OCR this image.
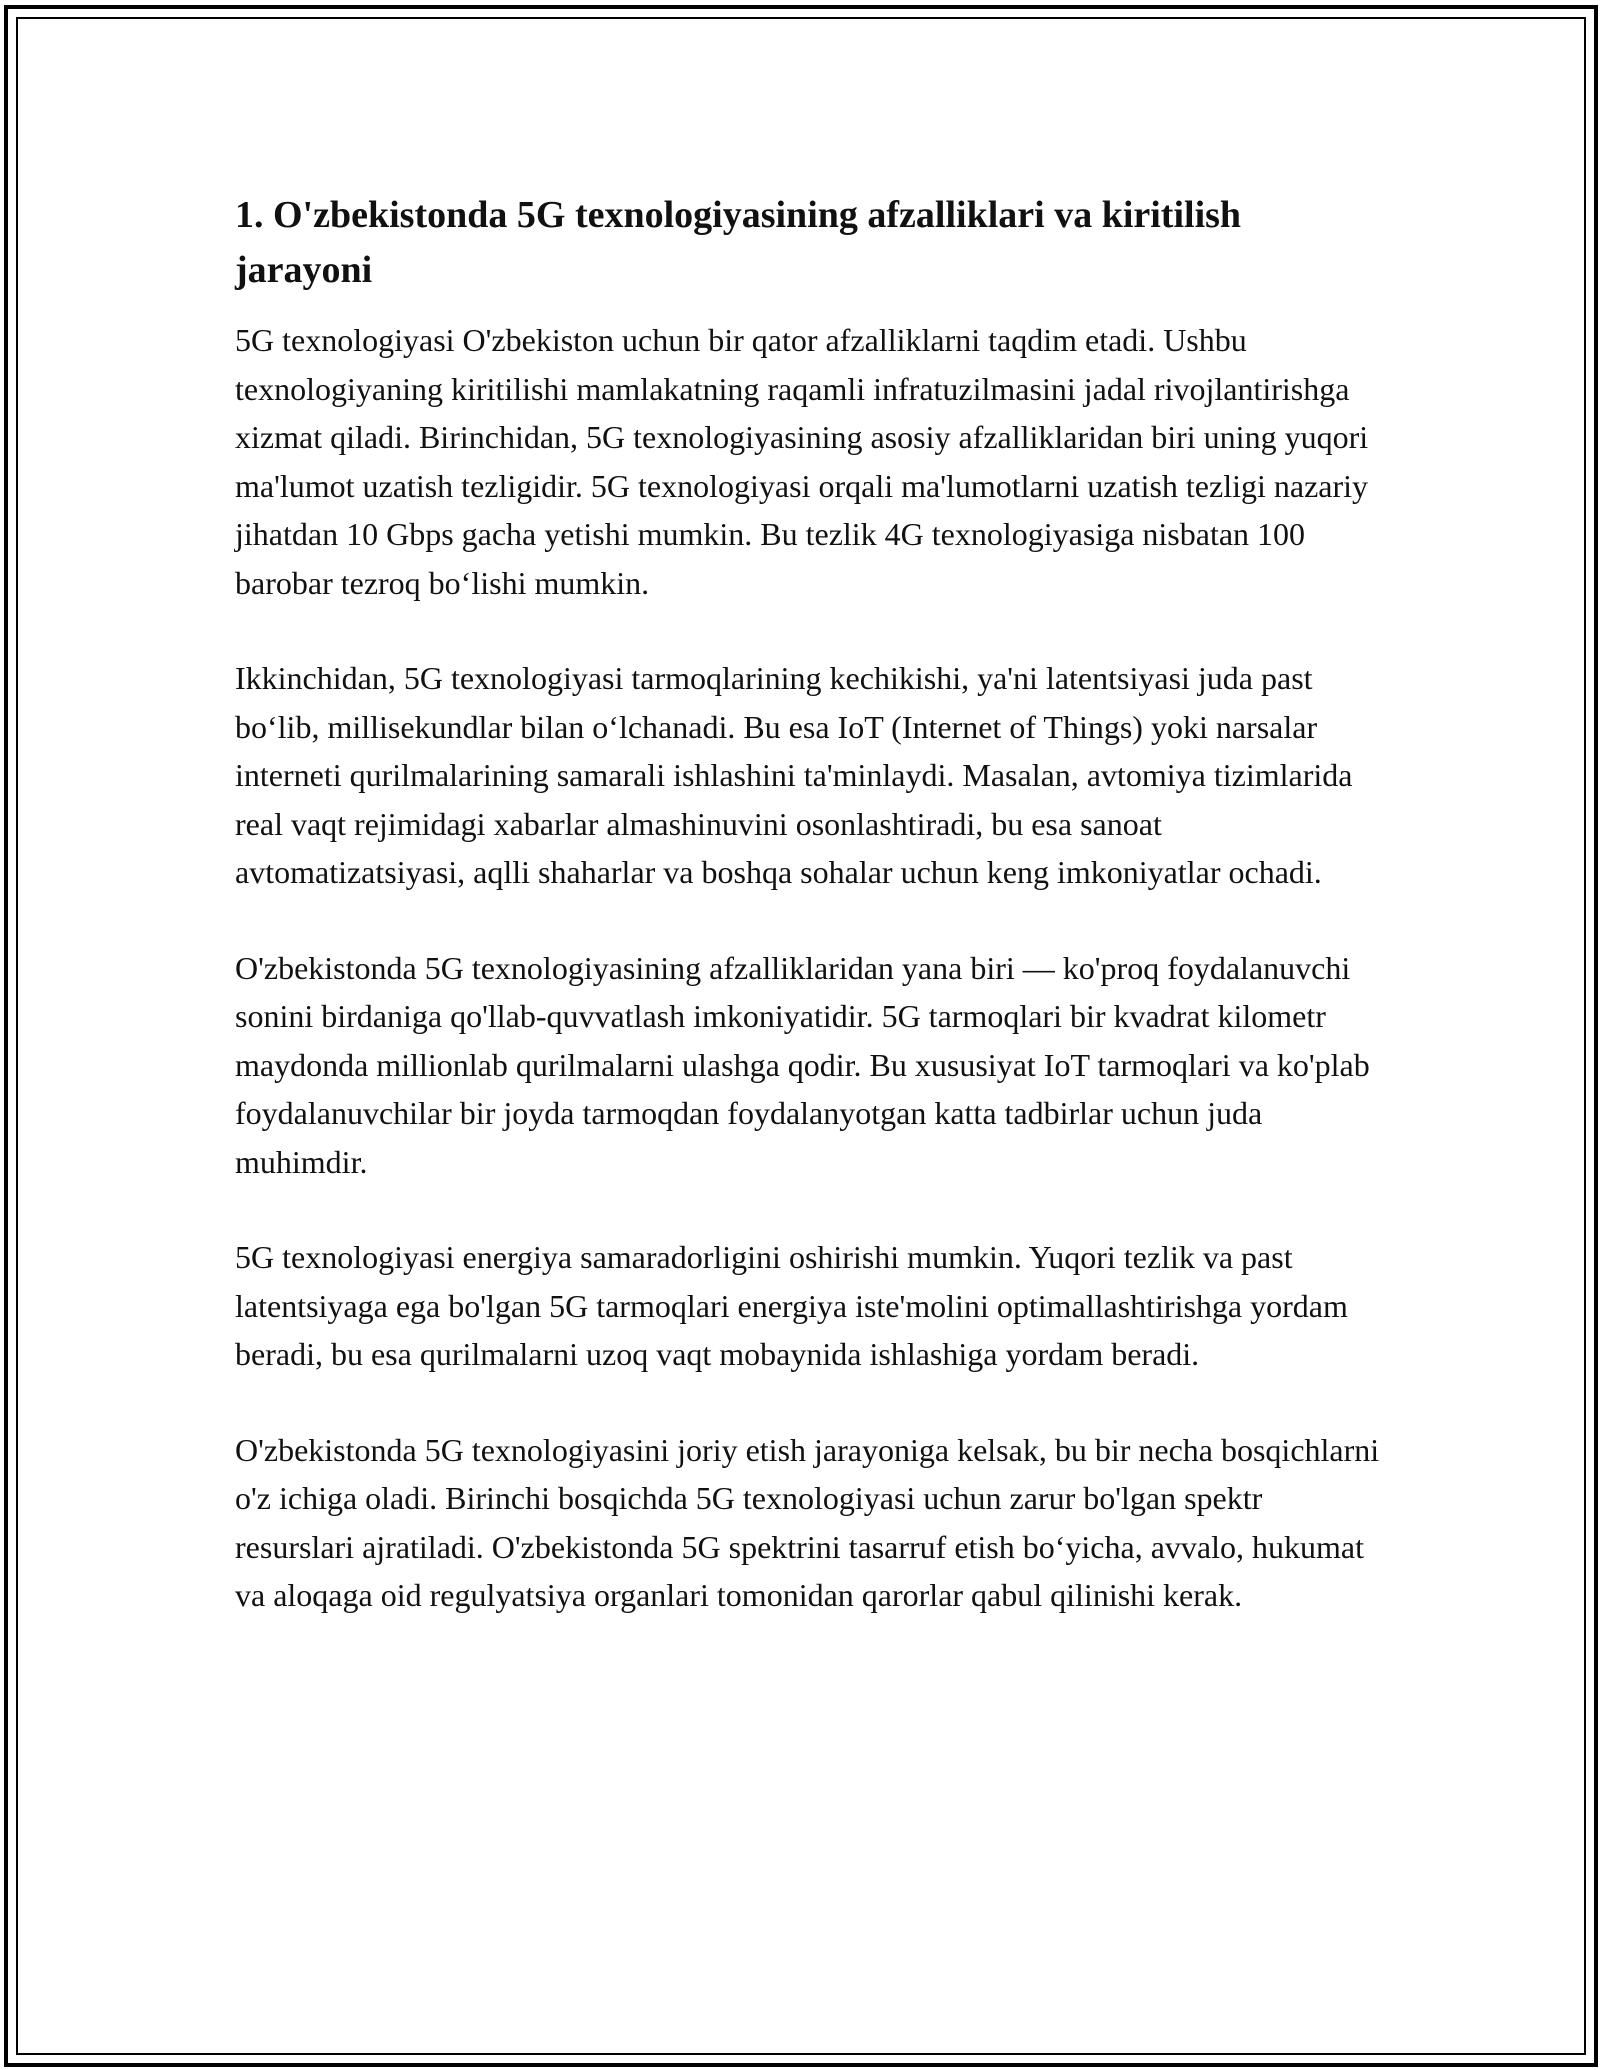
1. O'zbekistonda 5G texnologiyasining afzalliklari va kiritilish jarayoni

5G texnologiyasi O'zbekiston uchun bir qator afzalliklarni taqdim etadi. Ushbu texnologiyaning kiritilishi mamlakatning raqamli infratuzilmasini jadal rivojlantirishga xizmat qiladi. Birinchidan, 5G texnologiyasining asosiy afzalliklaridan biri uning yuqori ma'lumot uzatish tezligidir. 5G texnologiyasi orqali ma'lumotlarni uzatish tezligi nazariy jihatdan 10 Gbps gacha yetishi mumkin. Bu tezlik 4G texnologiyasiga nisbatan 100 barobar tezroq bo‘lishi mumkin.

Ikkinchidan, 5G texnologiyasi tarmoqlarining kechikishi, ya'ni latentsiyasi juda past bo‘lib, millisekundlar bilan o‘lchanadi. Bu esa IoT (Internet of Things) yoki narsalar interneti qurilmalarining samarali ishlashini ta'minlaydi. Masalan, avtomiya tizimlarida real vaqt rejimidagi xabarlar almashinuvini osonlashtiradi, bu esa sanoat avtomatizatsiyasi, aqlli shaharlar va boshqa sohalar uchun keng imkoniyatlar ochadi.

O'zbekistonda 5G texnologiyasining afzalliklaridan yana biri — ko'proq foydalanuvchi sonini birdaniga qo'llab-quvvatlash imkoniyatidir. 5G tarmoqlari bir kvadrat kilometr maydonda millionlab qurilmalarni ulashga qodir. Bu xususiyat IoT tarmoqlari va ko'plab foydalanuvchilar bir joyda tarmoqdan foydalanyotgan katta tadbirlar uchun juda muhimdir.

5G texnologiyasi energiya samaradorligini oshirishi mumkin. Yuqori tezlik va past latentsiyaga ega bo'lgan 5G tarmoqlari energiya iste'molini optimallashtirishga yordam beradi, bu esa qurilmalarni uzoq vaqt mobaynida ishlashiga yordam beradi.

O'zbekistonda 5G texnologiyasini joriy etish jarayoniga kelsak, bu bir necha bosqichlarni o'z ichiga oladi. Birinchi bosqichda 5G texnologiyasi uchun zarur bo'lgan spektr resurslari ajratiladi. O'zbekistonda 5G spektrini tasarruf etish bo‘yicha, avvalo, hukumat va aloqaga oid regulyatsiya organlari tomonidan qarorlar qabul qilinishi kerak.
